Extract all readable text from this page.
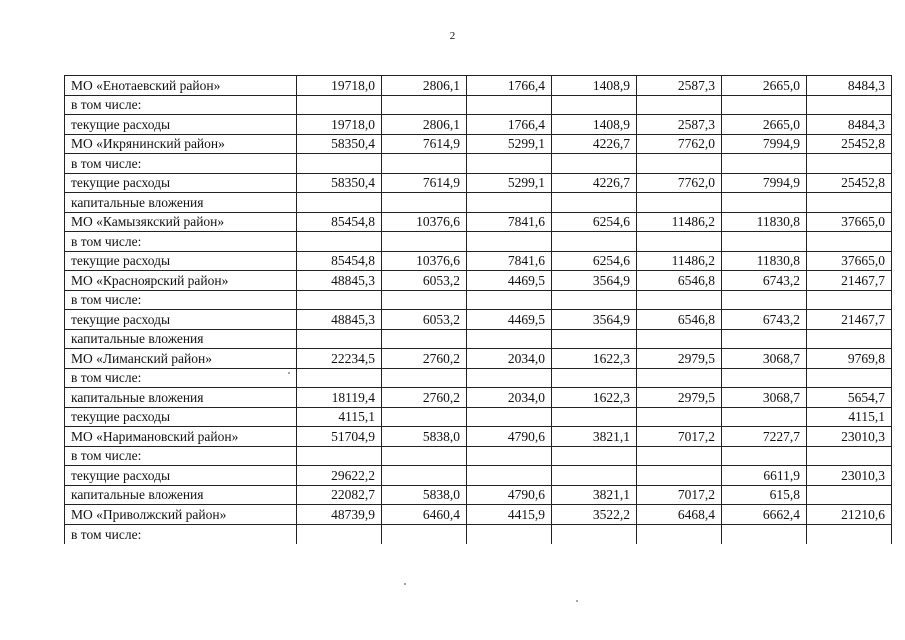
2
МО «Енотаевский район»	19718,0	2806,1	1766,4	1408,9	2587,3	2665,0	8484,3
в том числе:							
текущие расходы	19718,0	2806,1	1766,4	1408,9	2587,3	2665,0	8484,3
МО «Икрянинский район»	58350,4	7614,9	5299,1	4226,7	7762,0	7994,9	25452,8
в том числе:							
текущие расходы	58350,4	7614,9	5299,1	4226,7	7762,0	7994,9	25452,8
капитальные вложения							
МО «Камызякский район»	85454,8	10376,6	7841,6	6254,6	11486,2	11830,8	37665,0
в том числе:							
текущие расходы	85454,8	10376,6	7841,6	6254,6	11486,2	11830,8	37665,0
МО «Красноярский район»	48845,3	6053,2	4469,5	3564,9	6546,8	6743,2	21467,7
в том числе:							
текущие расходы	48845,3	6053,2	4469,5	3564,9	6546,8	6743,2	21467,7
капитальные вложения							
МО «Лиманский район»	22234,5	2760,2	2034,0	1622,3	2979,5	3068,7	9769,8
в том числе:							
капитальные вложения	18119,4	2760,2	2034,0	1622,3	2979,5	3068,7	5654,7
текущие расходы	4115,1						4115,1
МО «Наримановский район»	51704,9	5838,0	4790,6	3821,1	7017,2	7227,7	23010,3
в том числе:							
текущие расходы	29622,2					6611,9	23010,3
капитальные вложения	22082,7	5838,0	4790,6	3821,1	7017,2	615,8	
МО «Приволжский район»	48739,9	6460,4	4415,9	3522,2	6468,4	6662,4	21210,6
в том числе:							
